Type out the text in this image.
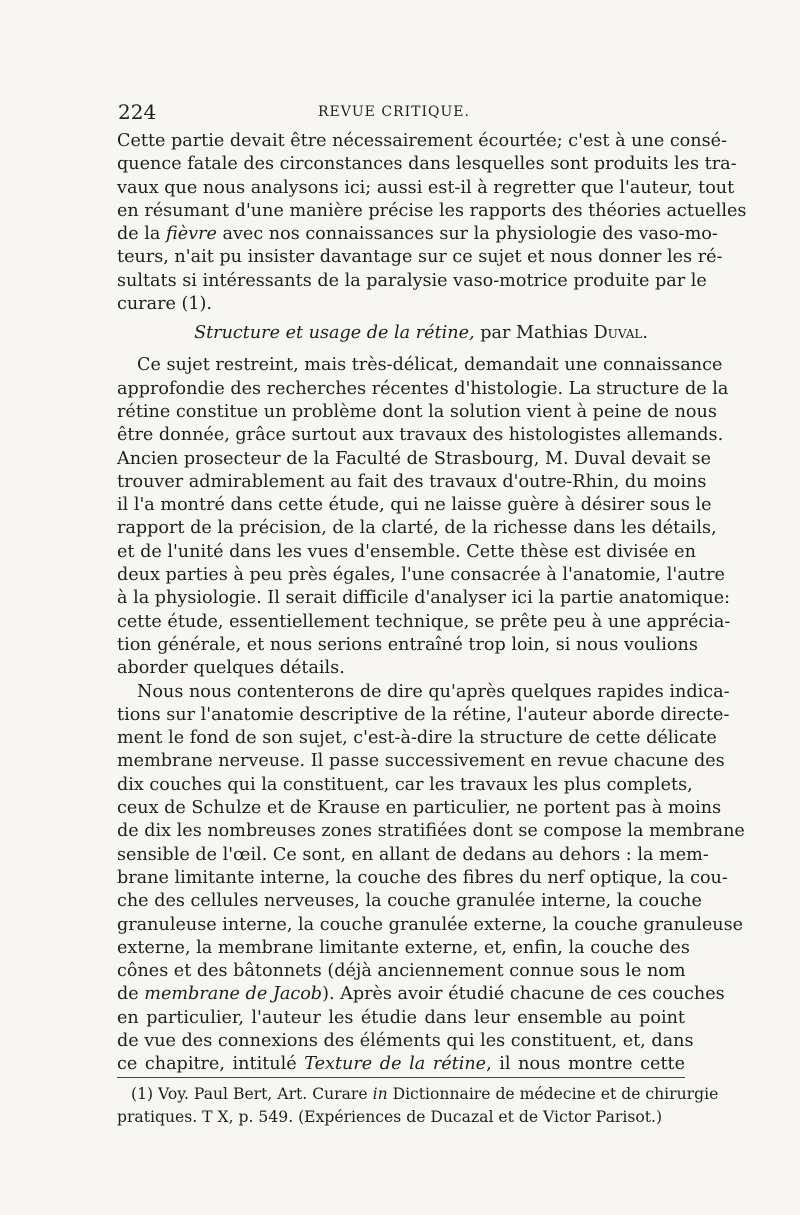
224	REVUE CRITIQUE.
Cette partie devait être nécessairement écourtée; c'est à une consé-
quence fatale des circonstances dans lesquelles sont produits les tra-
vaux que nous analysons ici; aussi est-il à regretter que l'auteur, tout
en résumant d'une manière précise les rapports des théories actuelles
de la fièvre avec nos connaissances sur la physiologie des vaso-mo-
teurs, n'ait pu insister davantage sur ce sujet et nous donner les ré-
sultats si intéressants de la paralysie vaso-motrice produite par le
curare (1).
Structure et usage de la rétine, par Mathias Duval.
Ce sujet restreint, mais très-délicat, demandait une connaissance
approfondie des recherches récentes d'histologie. La structure de la
rétine constitue un problème dont la solution vient à peine de nous
être donnée, grâce surtout aux travaux des histologistes allemands.
Ancien prosecteur de la Faculté de Strasbourg, M. Duval devait se
trouver admirablement au fait des travaux d'outre-Rhin, du moins
il l'a montré dans cette étude, qui ne laisse guère à désirer sous le
rapport de la précision, de la clarté, de la richesse dans les détails,
et de l'unité dans les vues d'ensemble. Cette thèse est divisée en
deux parties à peu près égales, l'une consacrée à l'anatomie, l'autre
à la physiologie. Il serait difficile d'analyser ici la partie anatomique:
cette étude, essentiellement technique, se prête peu à une apprécia-
tion générale, et nous serions entraîné trop loin, si nous voulions
aborder quelques détails.
Nous nous contenterons de dire qu'après quelques rapides indica-
tions sur l'anatomie descriptive de la rétine, l'auteur aborde directe-
ment le fond de son sujet, c'est-à-dire la structure de cette délicate
membrane nerveuse. Il passe successivement en revue chacune des
dix couches qui la constituent, car les travaux les plus complets,
ceux de Schulze et de Krause en particulier, ne portent pas à moins
de dix les nombreuses zones stratifiées dont se compose la membrane
sensible de l'œil. Ce sont, en allant de dedans au dehors : la mem-
brane limitante interne, la couche des fibres du nerf optique, la cou-
che des cellules nerveuses, la couche granulée interne, la couche
granuleuse interne, la couche granulée externe, la couche granuleuse
externe, la membrane limitante externe, et, enfin, la couche des
cônes et des bâtonnets (déjà anciennement connue sous le nom
de membrane de Jacob). Après avoir étudié chacune de ces couches
en particulier, l'auteur les étudie dans leur ensemble au point
de vue des connexions des éléments qui les constituent, et, dans
ce chapitre, intitulé Texture de la rétine, il nous montre cette
(1) Voy. Paul Bert, Art. Curare in Dictionnaire de médecine et de chirurgie
pratiques. T X, p. 549. (Expériences de Ducazal et de Victor Parisot.)
